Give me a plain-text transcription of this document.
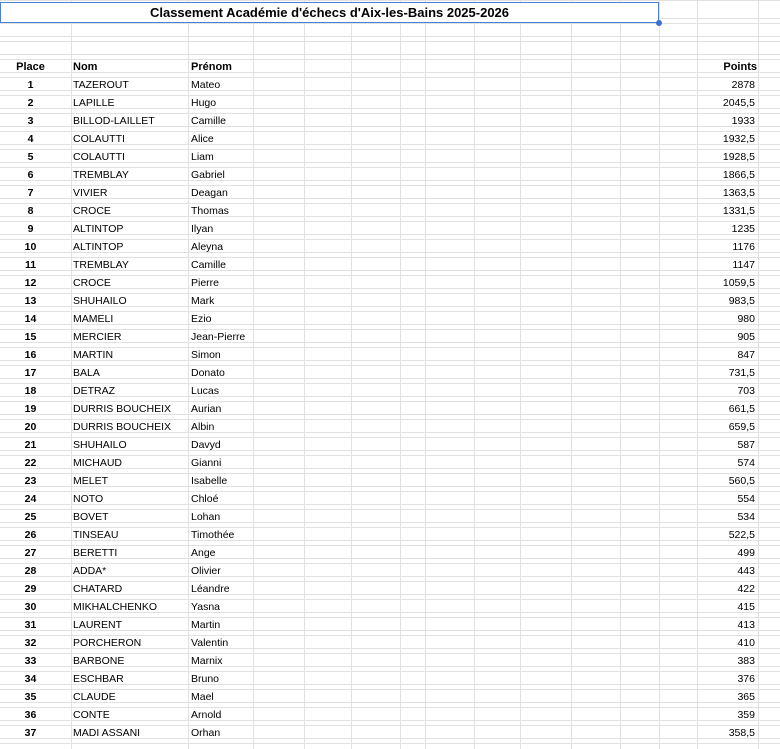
Place	Nom	Prénom	Points
1	TAZEROUT	Mateo	2878
2	LAPILLE	Hugo	2045,5
3	BILLOD-LAILLET	Camille	1933
4	COLAUTTI	Alice	1932,5
5	COLAUTTI	Liam	1928,5
6	TREMBLAY	Gabriel	1866,5
7	VIVIER	Deagan	1363,5
8	CROCE	Thomas	1331,5
9	ALTINTOP	Ilyan	1235
10	ALTINTOP	Aleyna	1176
11	TREMBLAY	Camille	1147
12	CROCE	Pierre	1059,5
13	SHUHAILO	Mark	983,5
14	MAMELI	Ezio	980
15	MERCIER	Jean-Pierre	905
16	MARTIN	Simon	847
17	BALA	Donato	731,5
18	DETRAZ	Lucas	703
19	DURRIS BOUCHEIX	Aurian	661,5
20	DURRIS BOUCHEIX	Albin	659,5
21	SHUHAILO	Davyd	587
22	MICHAUD	Gianni	574
23	MELET	Isabelle	560,5
24	NOTO	Chloé	554
25	BOVET	Lohan	534
26	TINSEAU	Timothée	522,5
27	BERETTI	Ange	499
28	ADDA*	Olivier	443
29	CHATARD	Léandre	422
30	MIKHALCHENKO	Yasna	415
31	LAURENT	Martin	413
32	PORCHERON	Valentin	410
33	BARBONE	Marnix	383
34	ESCHBAR	Bruno	376
35	CLAUDE	Mael	365
36	CONTE	Arnold	359
37	MADI ASSANI	Orhan	358,5
Classement Académie d'échecs d'Aix-les-Bains 2025-2026
